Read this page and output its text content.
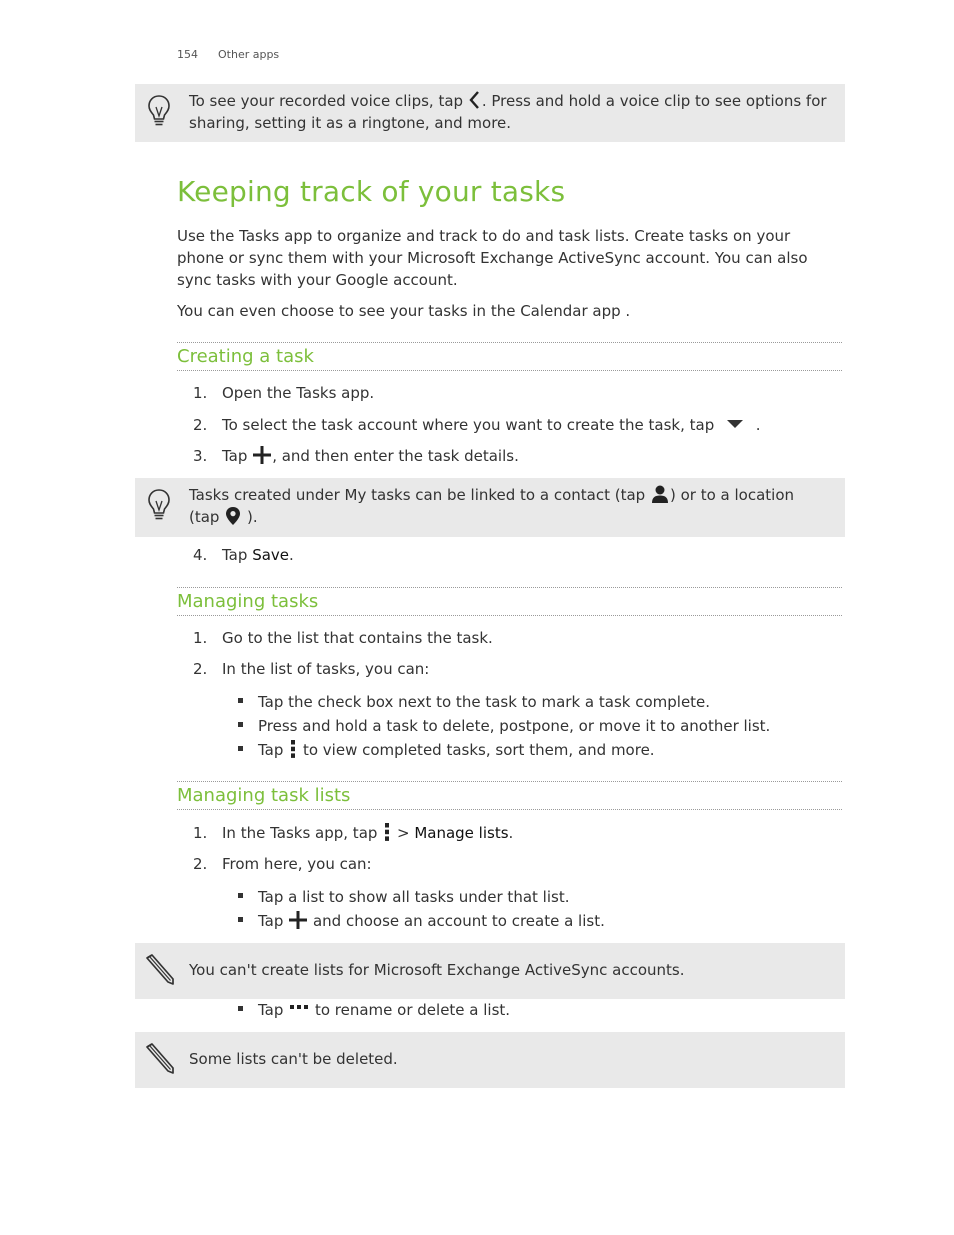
154 Other apps
To see your recorded voice clips, tap . Press and hold a voice clip to see options for sharing, setting it as a ringtone, and more.
Keeping track of your tasks
Use the Tasks app to organize and track to do and task lists. Create tasks on your phone or sync them with your Microsoft Exchange ActiveSync account. You can also sync tasks with your Google account.
You can even choose to see your tasks in the Calendar app .
Creating a task
1. Open the Tasks app.
2. To select the task account where you want to create the task, tap	.
3. Tap , and then enter the task details.
Tasks created under My tasks can be linked to a contact (tap ) or to a location
(tap ).
4. Tap Save.
Managing tasks
1. Go to the list that contains the task.
2. In the list of tasks, you can:
Tap the check box next to the task to mark a task complete.
Press and hold a task to delete, postpone, or move it to another list.
Tap to view completed tasks, sort them, and more.
Managing task lists
1. In the Tasks app, tap > Manage lists.
2. From here, you can:
Tap a list to show all tasks under that list.
Tap and choose an account to create a list.
You can't create lists for Microsoft Exchange ActiveSync accounts.
Tap to rename or delete a list.
Some lists can't be deleted.
